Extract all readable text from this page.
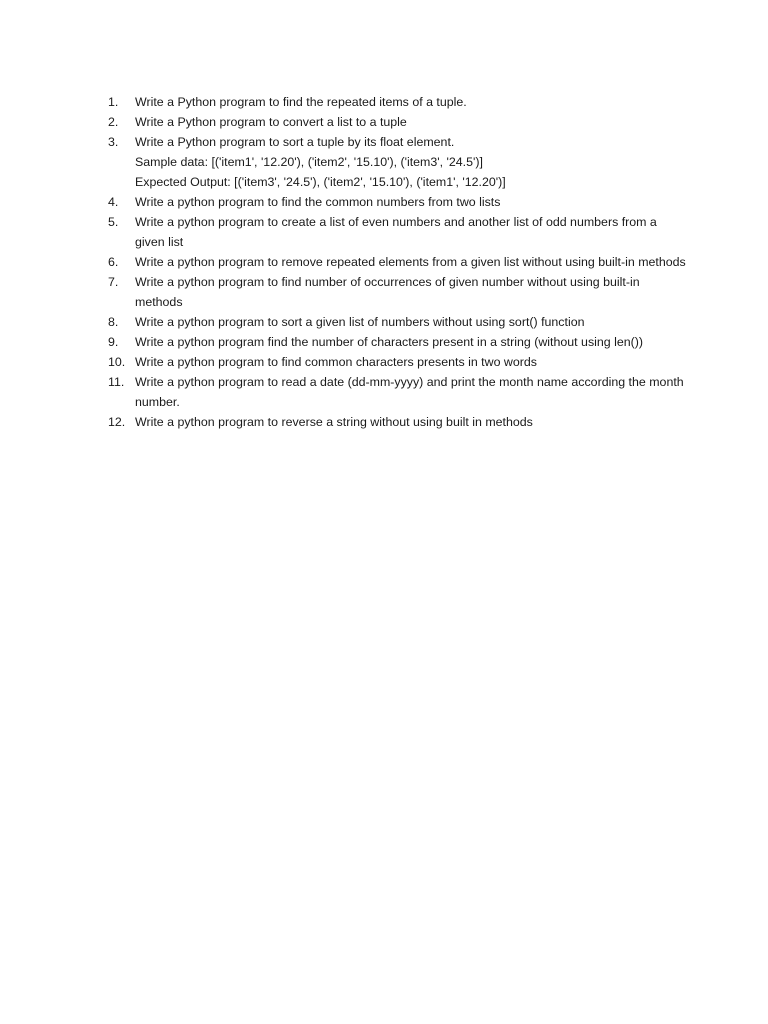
1.	Write a Python program to find the repeated items of a tuple.
2.	Write a Python program to convert a list to a tuple
3.	Write a Python program to sort a tuple by its float element.
Sample data: [('item1', '12.20'), ('item2', '15.10'), ('item3', '24.5')]
Expected Output: [('item3', '24.5'), ('item2', '15.10'), ('item1', '12.20')]
4.	Write a python program to find the common numbers from two lists
5.	Write a python program to create a list of even numbers and another list of odd numbers from a given list
6.	Write a python program to remove repeated elements from a given list without using built-in methods
7.	Write a python program to find number of occurrences of given number without using built-in methods
8.	Write a python program to sort a given list of numbers without using sort() function
9.	Write a python program find the number of characters present in a string (without using len())
10. Write a python program to find common characters presents in two words
11. Write a python program to read a date (dd-mm-yyyy) and print the month name according the month number.
12. Write a python program to reverse a string without using built in methods
